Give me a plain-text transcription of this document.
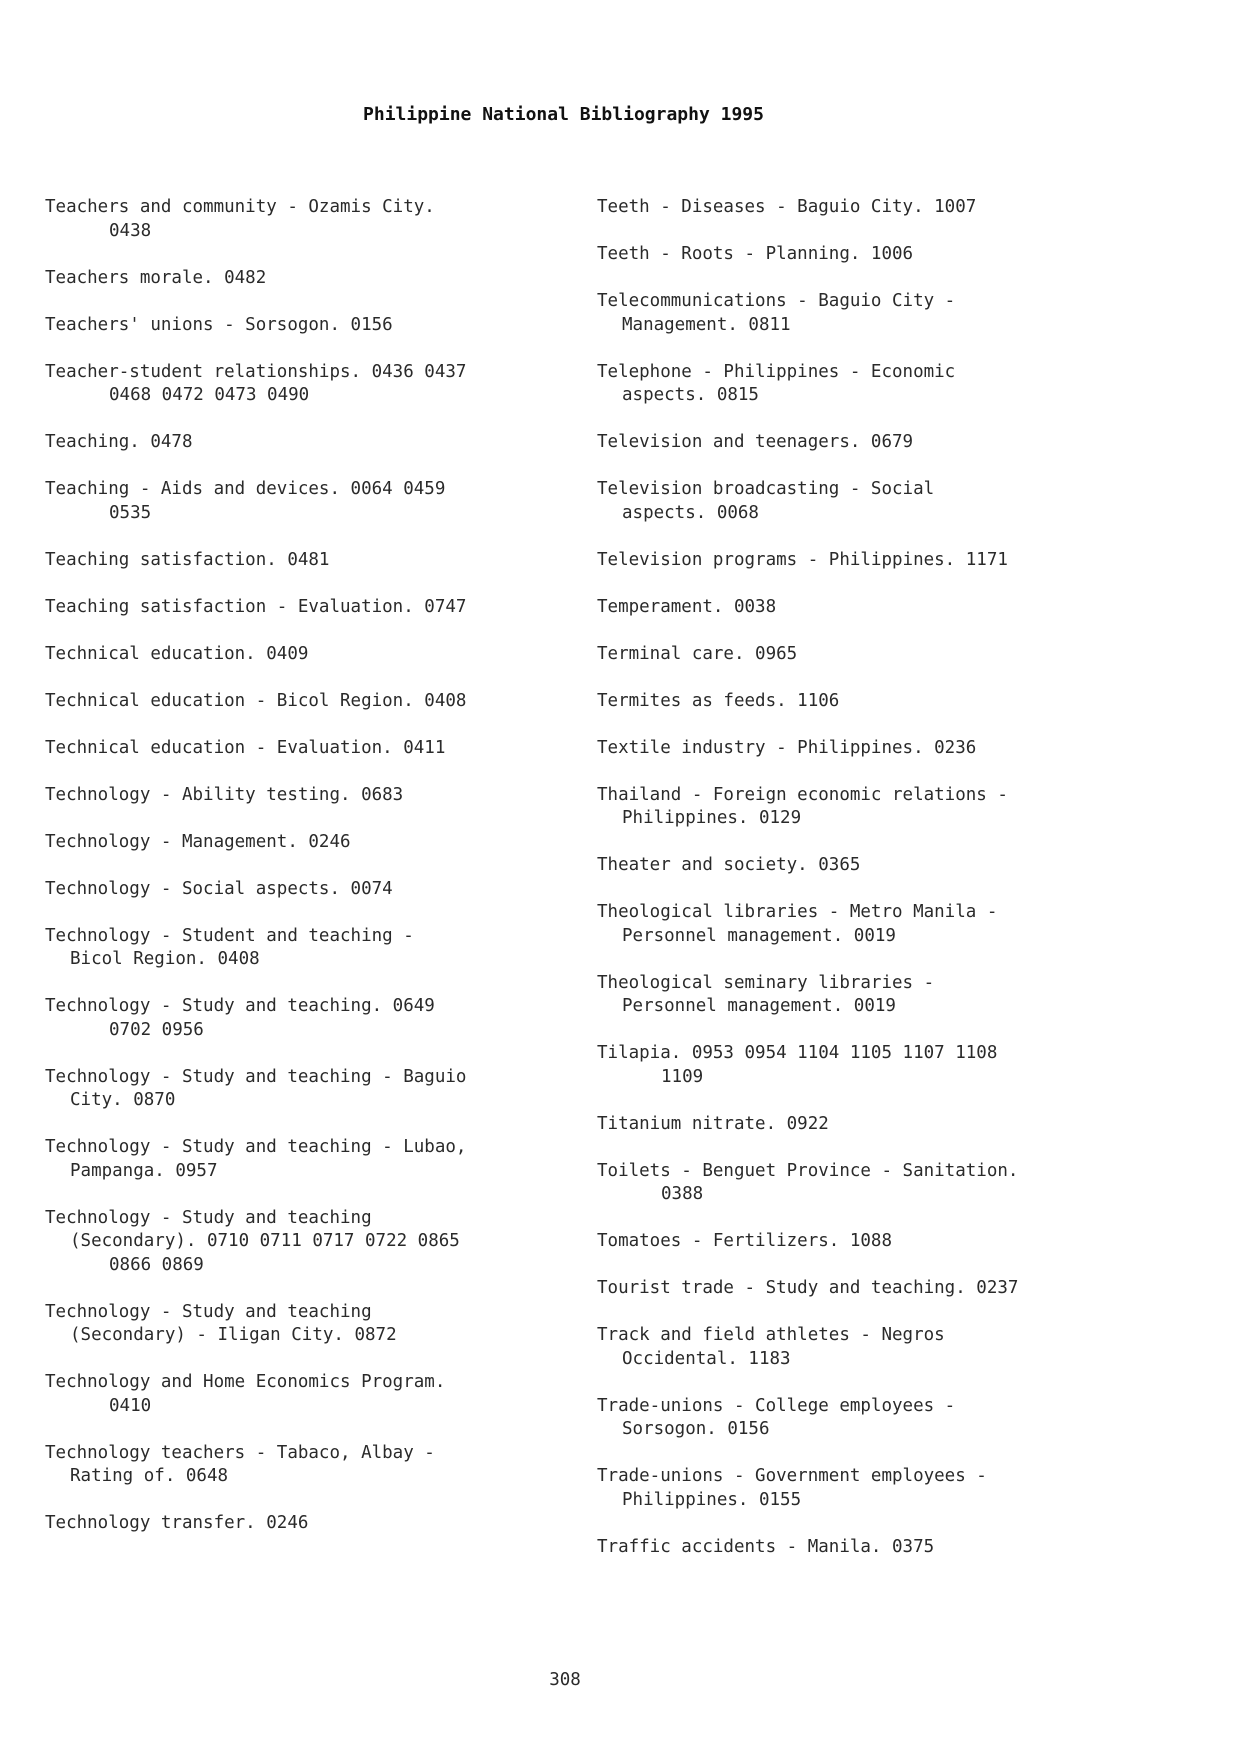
Philippine National Bibliography 1995
Teachers and community - Ozamis City.
0438
Teachers morale. 0482
Teachers' unions - Sorsogon. 0156
Teacher-student relationships. 0436 0437
0468 0472 0473 0490
Teaching. 0478
Teaching - Aids and devices. 0064 0459
0535
Teaching satisfaction. 0481
Teaching satisfaction - Evaluation. 0747
Technical education. 0409
Technical education - Bicol Region. 0408
Technical education - Evaluation. 0411
Technology - Ability testing. 0683
Technology - Management. 0246
Technology - Social aspects. 0074
Technology - Student and teaching -
Bicol Region. 0408
Technology - Study and teaching. 0649
0702 0956
Technology - Study and teaching - Baguio
City. 0870
Technology - Study and teaching - Lubao,
Pampanga. 0957
Technology - Study and teaching
(Secondary). 0710 0711 0717 0722 0865
0866 0869
Technology - Study and teaching
(Secondary) - Iligan City. 0872
Technology and Home Economics Program.
0410
Technology teachers - Tabaco, Albay -
Rating of. 0648
Technology transfer. 0246
Teeth - Diseases - Baguio City. 1007
Teeth - Roots - Planning. 1006
Telecommunications - Baguio City -
Management. 0811
Telephone - Philippines - Economic
aspects. 0815
Television and teenagers. 0679
Television broadcasting - Social
aspects. 0068
Television programs - Philippines. 1171
Temperament. 0038
Terminal care. 0965
Termites as feeds. 1106
Textile industry - Philippines. 0236
Thailand - Foreign economic relations -
Philippines. 0129
Theater and society. 0365
Theological libraries - Metro Manila -
Personnel management. 0019
Theological seminary libraries -
Personnel management. 0019
Tilapia. 0953 0954 1104 1105 1107 1108
1109
Titanium nitrate. 0922
Toilets - Benguet Province - Sanitation.
0388
Tomatoes - Fertilizers. 1088
Tourist trade - Study and teaching. 0237
Track and field athletes - Negros
Occidental. 1183
Trade-unions - College employees -
Sorsogon. 0156
Trade-unions - Government employees -
Philippines. 0155
Traffic accidents - Manila. 0375
308
